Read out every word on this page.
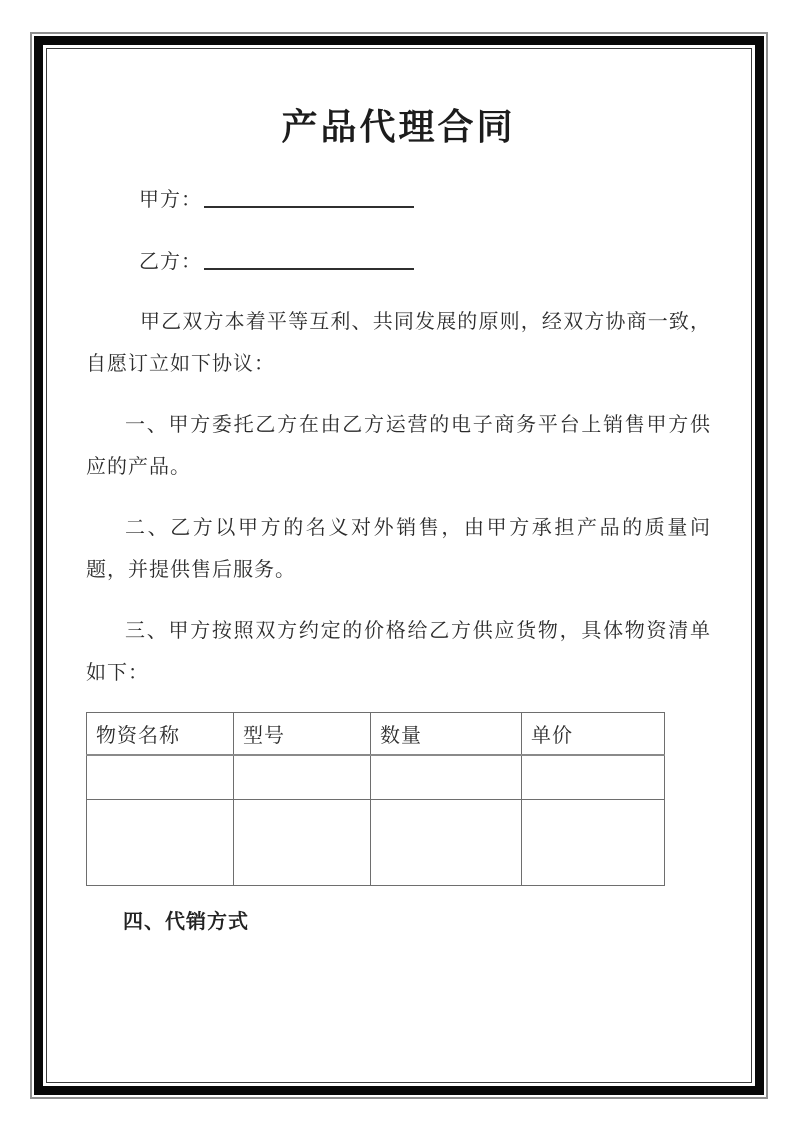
产品代理合同
甲方：
乙方：

甲乙双方本着平等互利、共同发展的原则，经双方协商一致，自愿订立如下协议：

一、甲方委托乙方在由乙方运营的电子商务平台上销售甲方供应的产品。

二、乙方以甲方的名义对外销售，由甲方承担产品的质量问题，并提供售后服务。

三、甲方按照双方约定的价格给乙方供应货物，具体物资清单如下：

物资名称	型号	数量	单价

四、代销方式
